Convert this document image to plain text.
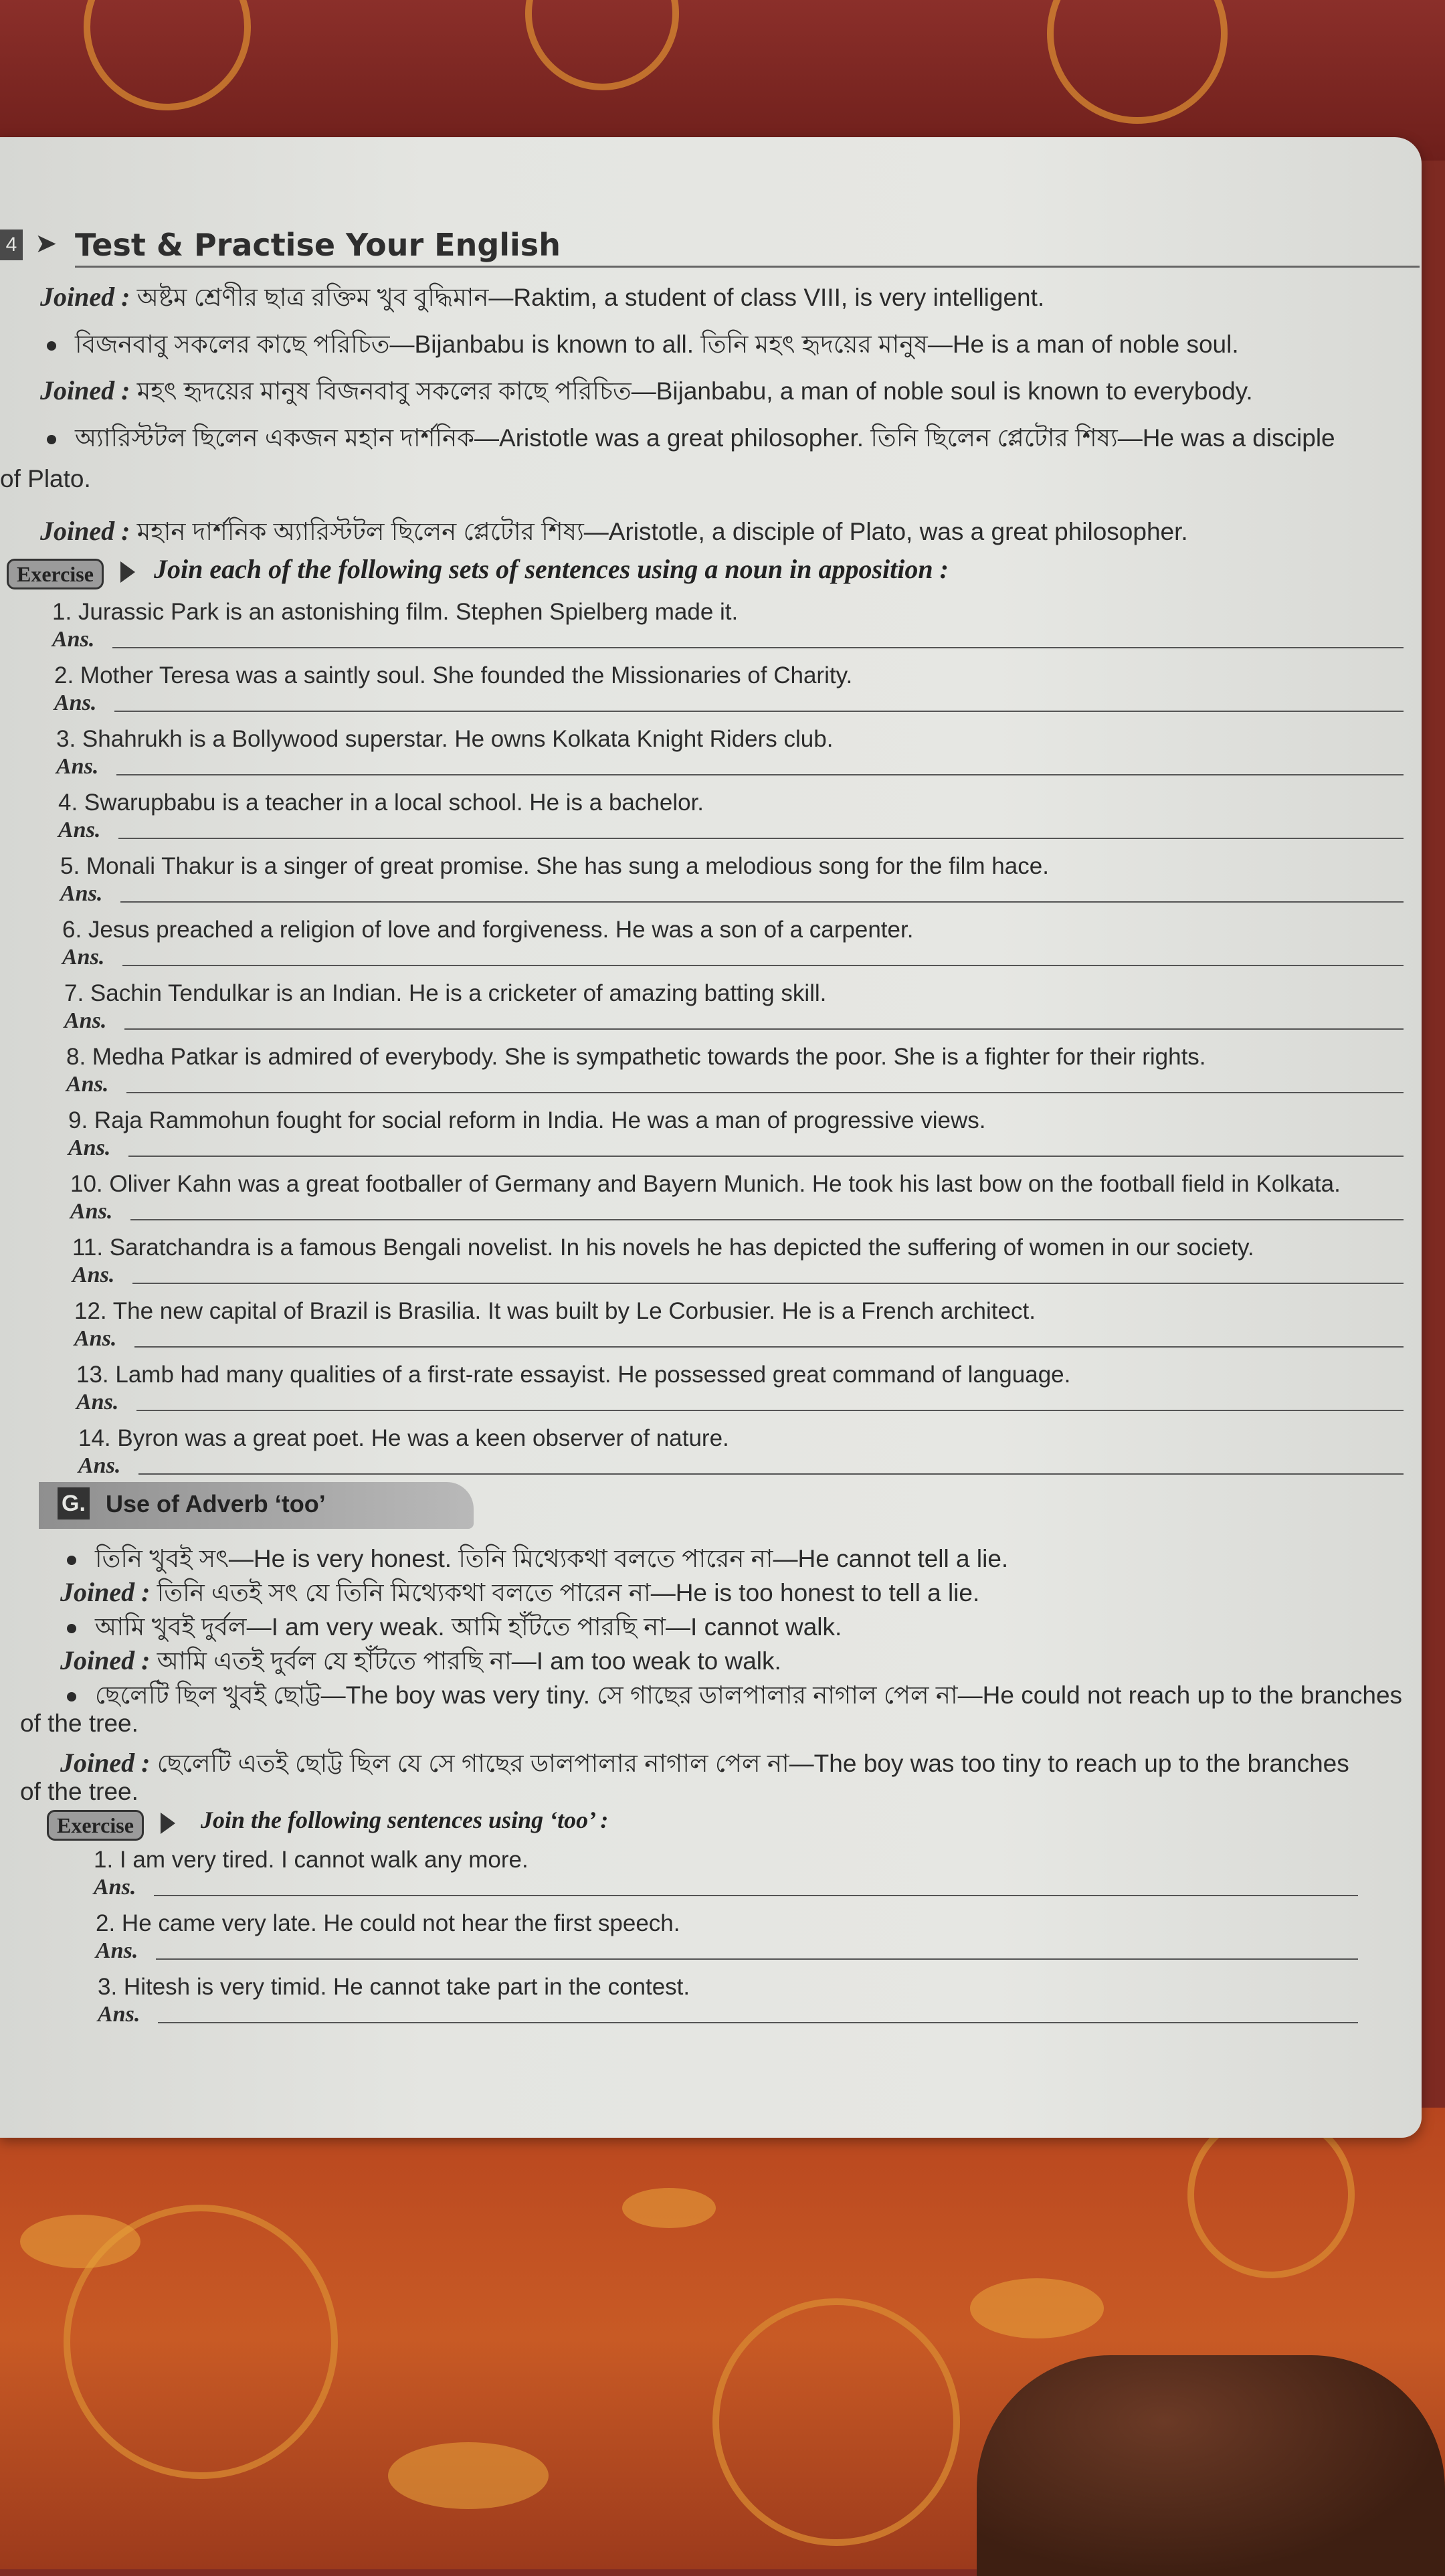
4 ➤ Test & Practise Your English
Joined : অষ্টম শ্রেণীর ছাত্র রক্তিম খুব বুদ্ধিমান—Raktim, a student of class VIII, is very intelligent.
বিজনবাবু সকলের কাছে পরিচিত—Bijanbabu is known to all. তিনি মহৎ হৃদয়ের মানুষ—He is a man of noble soul.
Joined : মহৎ হৃদয়ের মানুষ বিজনবাবু সকলের কাছে পরিচিত—Bijanbabu, a man of noble soul is known to everybody.
অ্যারিস্টটল ছিলেন একজন মহান দার্শনিক—Aristotle was a great philosopher. তিনি ছিলেন প্লেটোর শিষ্য—He was a disciple
of Plato.
Joined : মহান দার্শনিক অ্যারিস্টটল ছিলেন প্লেটোর শিষ্য—Aristotle, a disciple of Plato, was a great philosopher.
Exercise	Join each of the following sets of sentences using a noun in apposition :
1. Jurassic Park is an astonishing film. Stephen Spielberg made it.
Ans.
2. Mother Teresa was a saintly soul. She founded the Missionaries of Charity.
Ans.
3. Shahrukh is a Bollywood superstar. He owns Kolkata Knight Riders club.
Ans.
4. Swarupbabu is a teacher in a local school. He is a bachelor.
Ans.
5. Monali Thakur is a singer of great promise. She has sung a melodious song for the film hace.
Ans.
6. Jesus preached a religion of love and forgiveness. He was a son of a carpenter.
Ans.
7. Sachin Tendulkar is an Indian. He is a cricketer of amazing batting skill.
Ans.
8. Medha Patkar is admired of everybody. She is sympathetic towards the poor. She is a fighter for their rights.
Ans.
9. Raja Rammohun fought for social reform in India. He was a man of progressive views.
Ans.
10. Oliver Kahn was a great footballer of Germany and Bayern Munich. He took his last bow on the football field in Kolkata.
Ans.
11. Saratchandra is a famous Bengali novelist. In his novels he has depicted the suffering of women in our society.
Ans.
12. The new capital of Brazil is Brasilia. It was built by Le Corbusier. He is a French architect.
Ans.
13. Lamb had many qualities of a first-rate essayist. He possessed great command of language.
Ans.
14. Byron was a great poet. He was a keen observer of nature.
Ans.
G. Use of Adverb ‘too’
তিনি খুবই সৎ—He is very honest. তিনি মিথ্যেকথা বলতে পারেন না—He cannot tell a lie.
Joined : তিনি এতই সৎ যে তিনি মিথ্যেকথা বলতে পারেন না—He is too honest to tell a lie.
আমি খুবই দুর্বল—I am very weak. আমি হাঁটতে পারছি না—I cannot walk.
Joined : আমি এতই দুর্বল যে হাঁটতে পারছি না—I am too weak to walk.
ছেলেটি ছিল খুবই ছোট্ট—The boy was very tiny. সে গাছের ডালপালার নাগাল পেল না—He could not reach up to the branches
of the tree.
Joined : ছেলেটি এতই ছোট্ট ছিল যে সে গাছের ডালপালার নাগাল পেল না—The boy was too tiny to reach up to the branches
of the tree.
Exercise	Join the following sentences using ‘too’ :
1. I am very tired. I cannot walk any more.
Ans.
2. He came very late. He could not hear the first speech.
Ans.
3. Hitesh is very timid. He cannot take part in the contest.
Ans.
